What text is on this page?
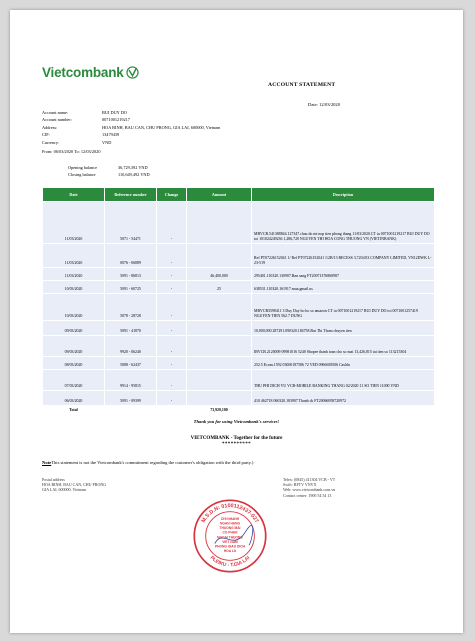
Vietcombank
ACCOUNT STATEMENT
Date: 12/03/2020
Account name:	BUI DUY DO
Account number:	0071001219217
Address:	HOA BINH, BAU CAN, CHU PRONG, GIA LAI, 600000, Vietnam
CIF:	13479439
Currency:	VND
From: 06/03/2020 To: 12/03/2020
Opening balance	36,729,392 VND
Closing balance	110,649,492 VND
Date	Reference number	Change	Amount	Description
11/03/2020	5071 - 54471	-		MBVCB.541388844.127347.chau do mi nop tien phong thang 11/03/2020.CT tu 0071001219217 BUI DUY DO toi 101024249236 1,286,720 NGUYEN THI HOA CONG THUONG VN (VIETINBANK)
11/03/2020	0076 - 06889	-		Ref PT07226152041 1/ Ref PT07226152041 1/2B/13 RECESS 3,720,653 COMPANY LIMITED, VN12DWK L-23-519
11/03/2020	5091 - 86813	-	46,400,000	295401.110320.130907.Ban sang FT20071376868987
10/03/2020	5091 - 60725	-	25	638531.110320.161917.mua.gmail.us
10/03/2020	5078 - 28728	-		MBVCB3598411 3 Duy Day ho ho so amazon CT tu 0071001219217 BUI DUY DO toi 0071001257419 NGUYEN TIEN 562.7 DUNG
09/03/2020	5091 - 41870	-		10,000,000 287291.090320.184758.Bui Thi Thom chuyen tien
09/03/2020	9920 - 06240	-		IBVCB.2120009 09981016 5240 Shopee thanh toan cho so mat 13,426,815 tai tien so 113215304
08/03/2020	5088 - 62437	-		252.5 Ecom.1592 03000187586 72 VED 0966658506 Cashln
07/03/2020	9914 - 95815	-		THU PHI DICH VU VCB-MOBILE BANKING THANG 02/2020 11 SO TIEN 11000 VND
06/03/2020	5091 - 09399	-		410 462718 060320.183907 Thanh ck FT20066958720972
Total			73,920,100	
Thank you for using Vietcombank's services!
VIETCOMBANK - Together for the future
**********
NoteThis statement is not the Vietcombank's commitment regarding the customer's obligation with the third party.)
Postal address
HOA BINH, BAU CAN, CHU PRONG
GIA LAI, 600000, Vietnam
Telex: (0845) 411304 VCB - VT
Swift: BFTV VNVX
Web: www.vietcombank.com.vn
Contact center: 1900 54 54 13
M.S.D.N: 0100112437-027
PLEIKU - T.GIA LAI
CHI NHANH
NGAN HANG
THUONG MAI
CO PHAN
NGOAI THUONG
VIET NAM
PHONG GIAO DICH
HOA LU
